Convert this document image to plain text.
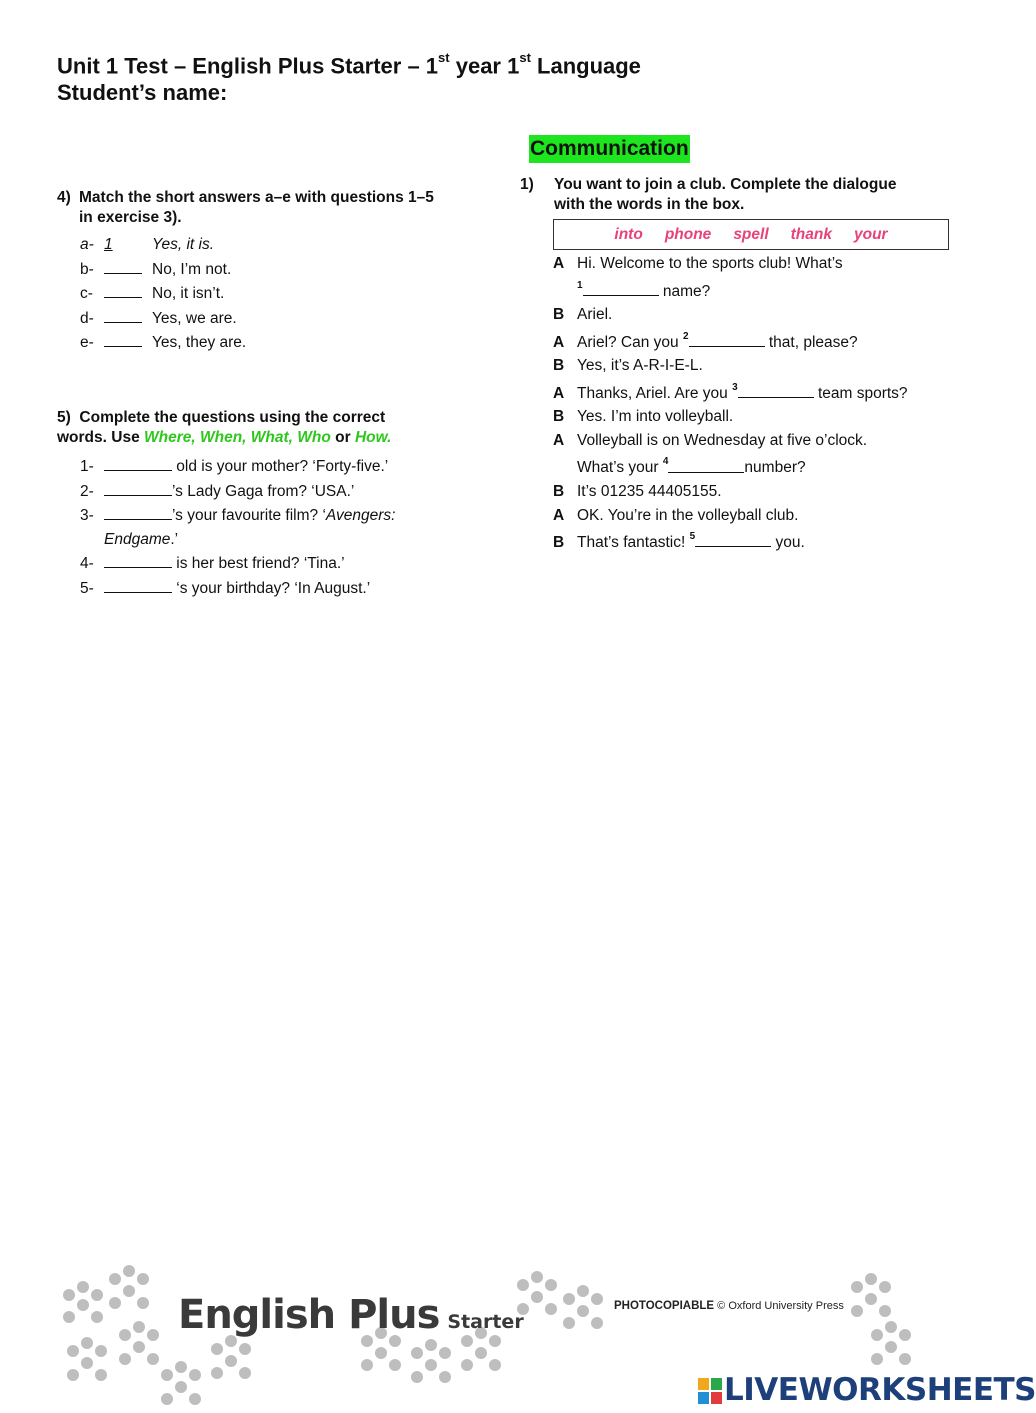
Unit 1 Test – English Plus Starter – 1st year 1st Language
Student’s name:
4) Match the short answers a–e with questions 1–5
in exercise 3).
a- 1	Yes, it is.
b-	No, I’m not.
c-	No, it isn’t.
d-	Yes, we are.
e-	Yes, they are.
5) Complete the questions using the correct
words. Use Where, When, What, Who or How.
1-	old is your mother? ‘Forty-five.’
2-	’s Lady Gaga from? ‘USA.’
3-	’s your favourite film? ‘Avengers:
Endgame.’
4-	is her best friend? ‘Tina.’
5-	‘s your birthday? ‘In August.’
Communication
1) You want to join a club. Complete the dialogue
with the words in the box.
into phone spell thank your
A Hi. Welcome to the sports club! What’s
$^1$	name?
B Ariel.
A Ariel? Can you $^2$	that, please?
B Yes, it’s A-R-I-E-L.
A Thanks, Ariel. Are you $^3$	team sports?
B Yes. I’m into volleyball.
A Volleyball is on Wednesday at five o’clock.
What’s your $^4$	number?
B It’s 01235 44405155.
A OK. You’re in the volleyball club.
B That’s fantastic! $^5$	you.
English Plus Starter
PHOTOCOPIABLE © Oxford University Press
LIVEWORKSHEETS
